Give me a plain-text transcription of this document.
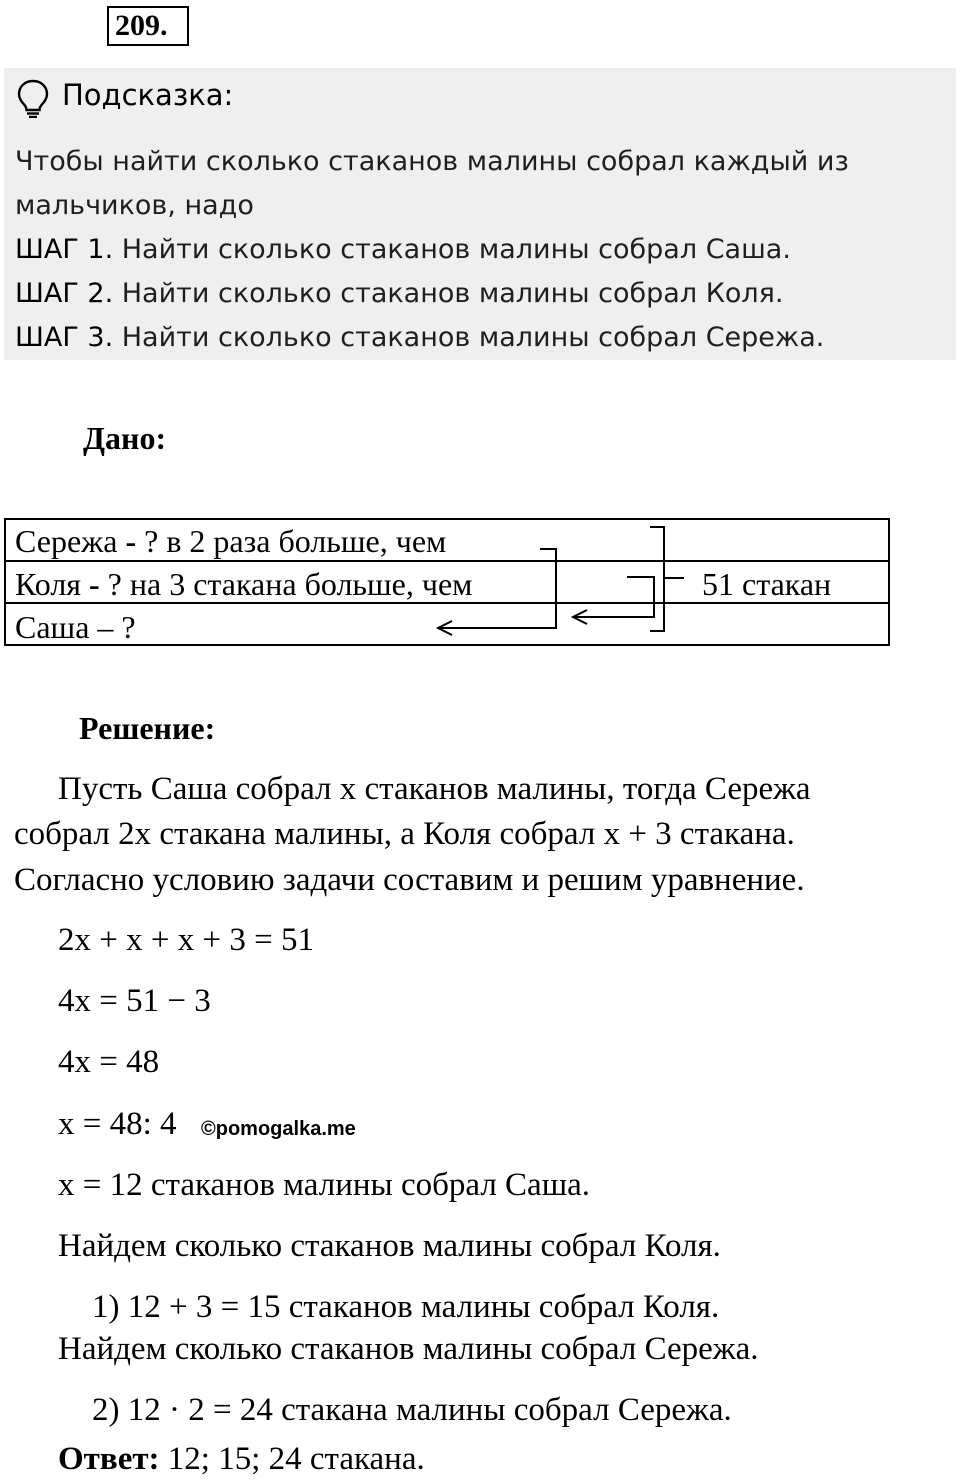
209.
Подсказка:
Чтобы найти сколько стаканов малины собрал каждый из
мальчиков, надо
ШАГ 1. Найти сколько стаканов малины собрал Саша.
ШАГ 2. Найти сколько стаканов малины собрал Коля.
ШАГ 3. Найти сколько стаканов малины собрал Сережа.
Дано:
Сережа - ? в 2 раза больше, чем
Коля - ? на 3 стакана больше, чем
Саша – ?
51 стакан
Решение:
Пусть Саша собрал x стаканов малины, тогда Сережа
собрал 2x стакана малины, а Коля собрал x + 3 стакана.
Согласно условию задачи составим и решим уравнение.
2x + x + x + 3 = 51
4x = 51 − 3
4x = 48
x = 48: 4 ©pomogalka.me
x = 12 стаканов малины собрал Саша.
Найдем сколько стаканов малины собрал Коля.
1) 12 + 3 = 15 стаканов малины собрал Коля.
Найдем сколько стаканов малины собрал Сережа.
2) 12 · 2 = 24 стакана малины собрал Сережа.
Ответ: 12; 15; 24 стакана.
